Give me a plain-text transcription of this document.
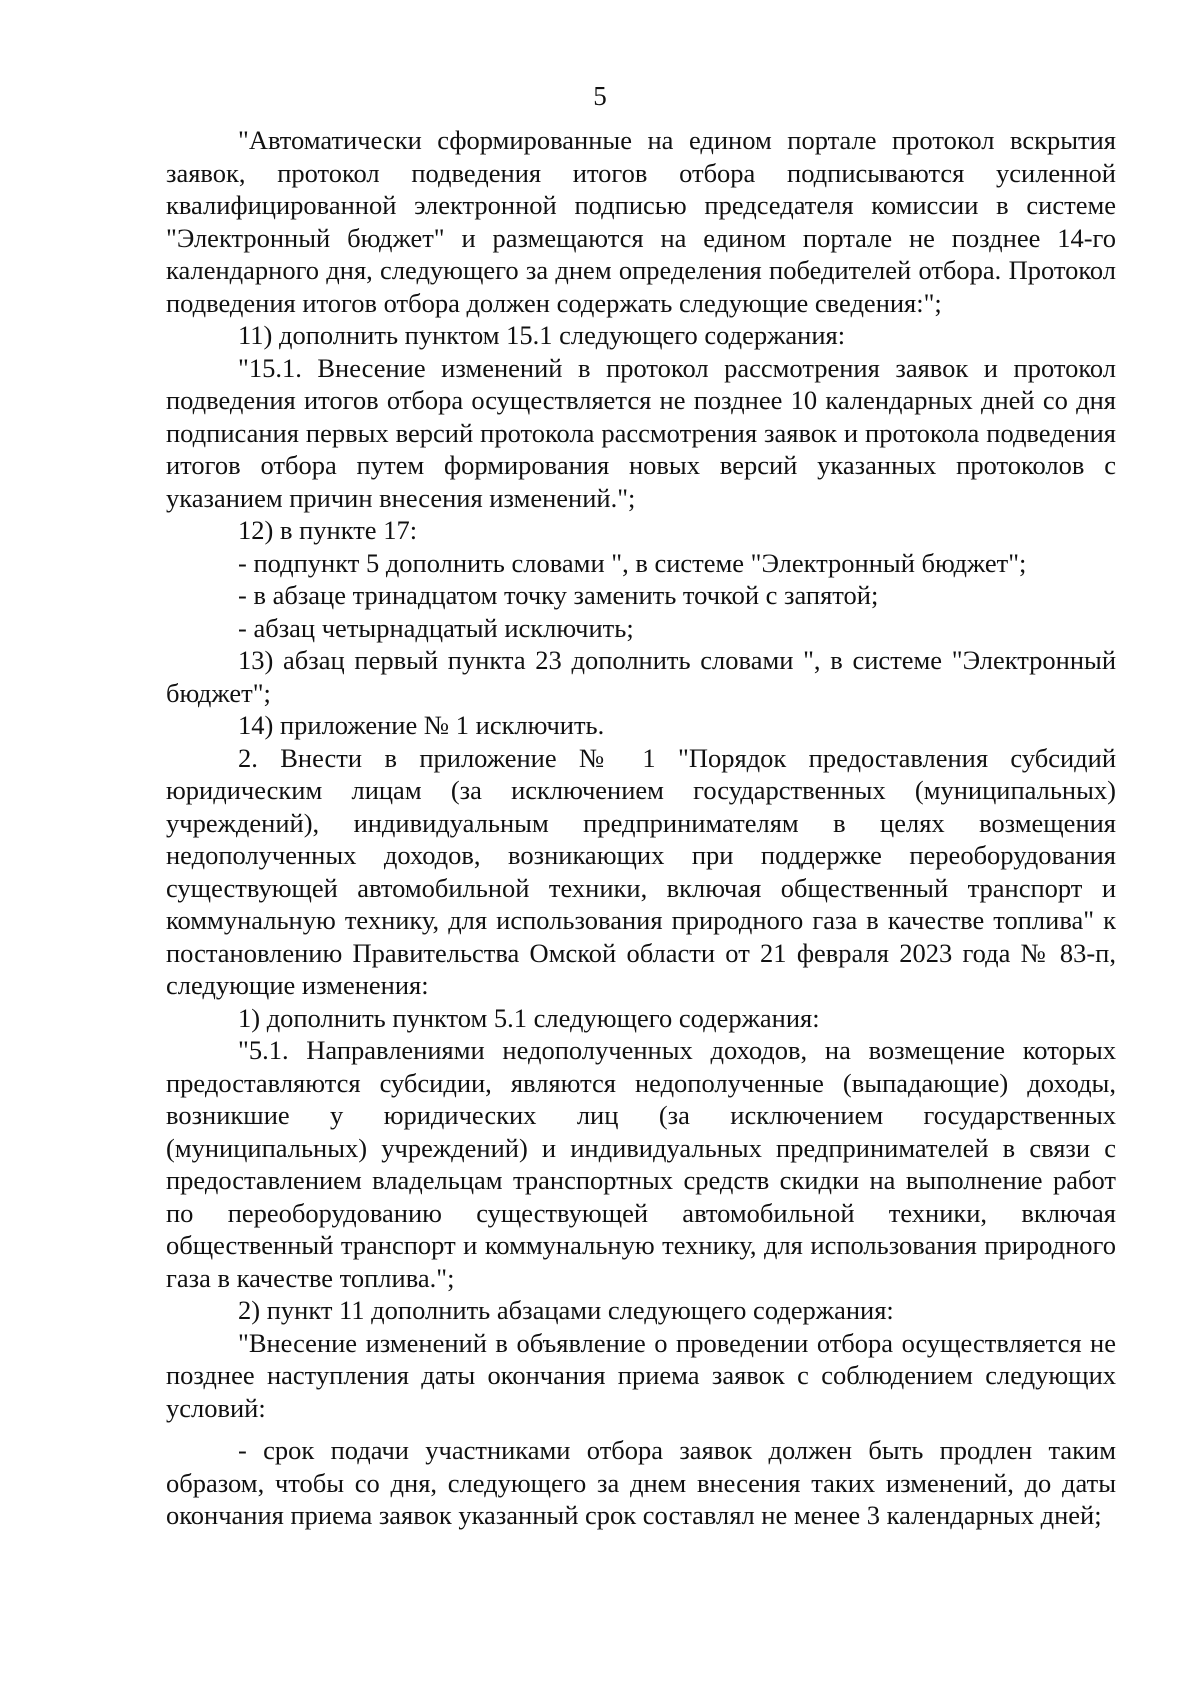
5

"Автоматически сформированные на едином портале протокол вскрытия заявок, протокол подведения итогов отбора подписываются усиленной квалифицированной электронной подписью председателя комиссии в системе "Электронный бюджет" и размещаются на едином портале не позднее 14-го календарного дня, следующего за днем определения победителей отбора. Протокол подведения итогов отбора должен содержать следующие сведения:";

11) дополнить пунктом 15.1 следующего содержания:

"15.1. Внесение изменений в протокол рассмотрения заявок и протокол подведения итогов отбора осуществляется не позднее 10 календарных дней со дня подписания первых версий протокола рассмотрения заявок и протокола подведения итогов отбора путем формирования новых версий указанных протоколов с указанием причин внесения изменений.";

12) в пункте 17:

- подпункт 5 дополнить словами ", в системе "Электронный бюджет";

- в абзаце тринадцатом точку заменить точкой с запятой;

- абзац четырнадцатый исключить;

13) абзац первый пункта 23 дополнить словами ", в системе "Электронный бюджет";

14) приложение № 1 исключить.

2. Внести в приложение № 1 "Порядок предоставления субсидий юридическим лицам (за исключением государственных (муниципальных) учреждений), индивидуальным предпринимателям в целях возмещения недополученных доходов, возникающих при поддержке переоборудования существующей автомобильной техники, включая общественный транспорт и коммунальную технику, для использования природного газа в качестве топлива" к постановлению Правительства Омской области от 21 февраля 2023 года № 83-п, следующие изменения:

1) дополнить пунктом 5.1 следующего содержания:

"5.1. Направлениями недополученных доходов, на возмещение которых предоставляются субсидии, являются недополученные (выпадающие) доходы, возникшие у юридических лиц (за исключением государственных (муниципальных) учреждений) и индивидуальных предпринимателей в связи с предоставлением владельцам транспортных средств скидки на выполнение работ по переоборудованию существующей автомобильной техники, включая общественный транспорт и коммунальную технику, для использования природного газа в качестве топлива.";

2) пункт 11 дополнить абзацами следующего содержания:

"Внесение изменений в объявление о проведении отбора осуществляется не позднее наступления даты окончания приема заявок с соблюдением следующих условий:

- срок подачи участниками отбора заявок должен быть продлен таким образом, чтобы со дня, следующего за днем внесения таких изменений, до даты окончания приема заявок указанный срок составлял не менее 3 календарных дней;
